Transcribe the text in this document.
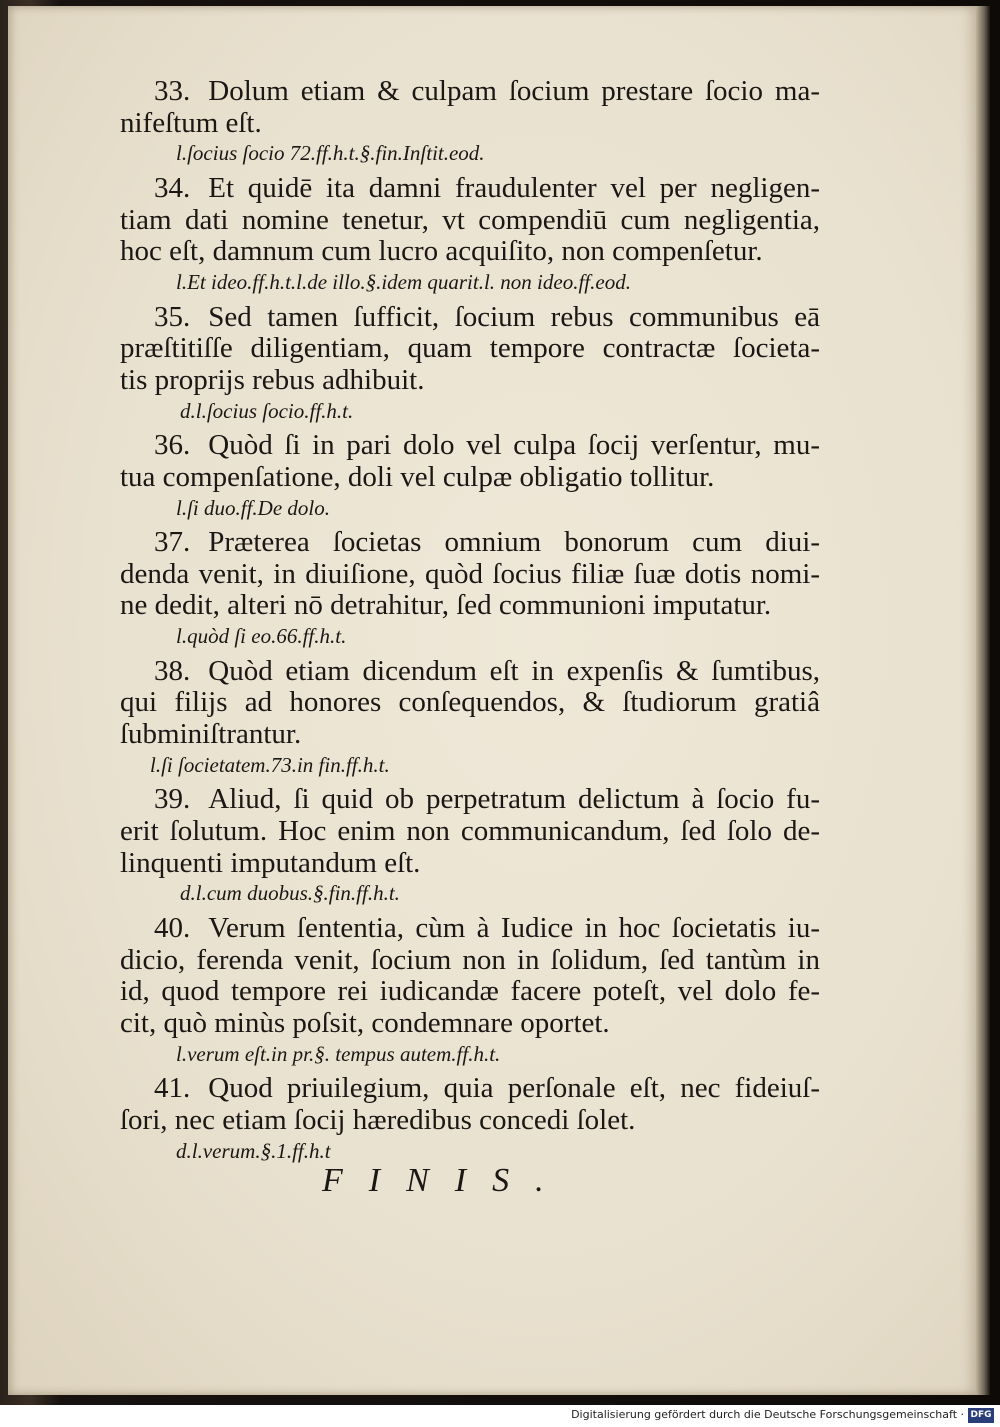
33. Dolum etiam & culpam ſocium prestare ſocio ma-
nifeſtum eſt.
l.ſocius ſocio 72.ff.h.t.§.fin.Inſtit.eod.
34. Et quidē ita damni fraudulenter vel per negligen-
tiam dati nomine tenetur, vt compendiū cum negligentia,
hoc eſt, damnum cum lucro acquiſito, non compenſetur.
l.Et ideo.ff.h.t.l.de illo.§.idem quarit.l. non ideo.ff.eod.
35. Sed tamen ſufficit, ſocium rebus communibus eā
præſtitiſſe diligentiam, quam tempore contractæ ſocieta-
tis proprijs rebus adhibuit.
d.l.ſocius ſocio.ff.h.t.
36. Quòd ſi in pari dolo vel culpa ſocij verſentur, mu-
tua compenſatione, doli vel culpæ obligatio tollitur.
l.ſi duo.ff.De dolo.
37. Præterea ſocietas omnium bonorum cum diui-
denda venit, in diuiſione, quòd ſocius filiæ ſuæ dotis nomi-
ne dedit, alteri nō detrahitur, ſed communioni imputatur.
l.quòd ſi eo.66.ff.h.t.
38. Quòd etiam dicendum eſt in expenſis & ſumtibus,
qui filijs ad honores conſequendos, & ſtudiorum gratiâ
ſubminiſtrantur.
l.ſi ſocietatem.73.in fin.ff.h.t.
39. Aliud, ſi quid ob perpetratum delictum à ſocio fu-
erit ſolutum. Hoc enim non communicandum, ſed ſolo de-
linquenti imputandum eſt.
d.l.cum duobus.§.fin.ff.h.t.
40. Verum ſententia, cùm à Iudice in hoc ſocietatis iu-
dicio, ferenda venit, ſocium non in ſolidum, ſed tantùm in
id, quod tempore rei iudicandæ facere poteſt, vel dolo fe-
cit, quò minùs poſsit, condemnare oportet.
l.verum eſt.in pr.§. tempus autem.ff.h.t.
41. Quod priuilegium, quia perſonale eſt, nec fideiuſ-
ſori, nec etiam ſocij hæredibus concedi ſolet.
d.l.verum.§.1.ff.h.t
FINIS.
Digitalisierung gefördert durch die Deutsche Forschungsgemeinschaft · DFG
